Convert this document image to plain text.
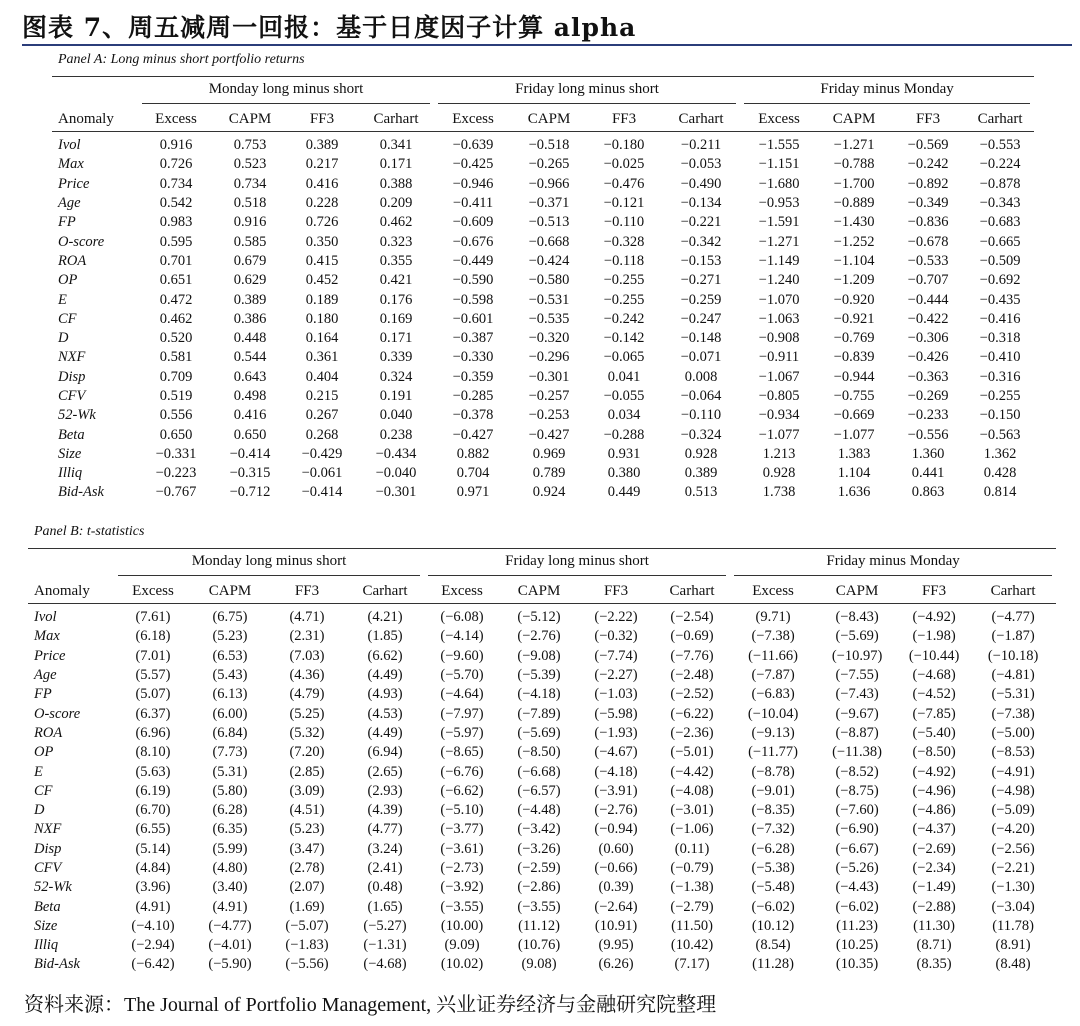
图表 7、周五减周一回报：基于日度因子计算 alpha
Panel A: Long minus short portfolio returns

	Monday long minus short				Friday long minus short				Friday minus Monday			

Anomaly	Excess	CAPM	FF3	Carhart	Excess	CAPM	FF3	Carhart	Excess	CAPM	FF3	Carhart
Ivol	0.916	0.753	0.389	0.341	−0.639	−0.518	−0.180	−0.211	−1.555	−1.271	−0.569	−0.553
Max	0.726	0.523	0.217	0.171	−0.425	−0.265	−0.025	−0.053	−1.151	−0.788	−0.242	−0.224
Price	0.734	0.734	0.416	0.388	−0.946	−0.966	−0.476	−0.490	−1.680	−1.700	−0.892	−0.878
Age	0.542	0.518	0.228	0.209	−0.411	−0.371	−0.121	−0.134	−0.953	−0.889	−0.349	−0.343
FP	0.983	0.916	0.726	0.462	−0.609	−0.513	−0.110	−0.221	−1.591	−1.430	−0.836	−0.683
O-score	0.595	0.585	0.350	0.323	−0.676	−0.668	−0.328	−0.342	−1.271	−1.252	−0.678	−0.665
ROA	0.701	0.679	0.415	0.355	−0.449	−0.424	−0.118	−0.153	−1.149	−1.104	−0.533	−0.509
OP	0.651	0.629	0.452	0.421	−0.590	−0.580	−0.255	−0.271	−1.240	−1.209	−0.707	−0.692
E	0.472	0.389	0.189	0.176	−0.598	−0.531	−0.255	−0.259	−1.070	−0.920	−0.444	−0.435
CF	0.462	0.386	0.180	0.169	−0.601	−0.535	−0.242	−0.247	−1.063	−0.921	−0.422	−0.416
D	0.520	0.448	0.164	0.171	−0.387	−0.320	−0.142	−0.148	−0.908	−0.769	−0.306	−0.318
NXF	0.581	0.544	0.361	0.339	−0.330	−0.296	−0.065	−0.071	−0.911	−0.839	−0.426	−0.410
Disp	0.709	0.643	0.404	0.324	−0.359	−0.301	0.041	0.008	−1.067	−0.944	−0.363	−0.316
CFV	0.519	0.498	0.215	0.191	−0.285	−0.257	−0.055	−0.064	−0.805	−0.755	−0.269	−0.255
52-Wk	0.556	0.416	0.267	0.040	−0.378	−0.253	0.034	−0.110	−0.934	−0.669	−0.233	−0.150
Beta	0.650	0.650	0.268	0.238	−0.427	−0.427	−0.288	−0.324	−1.077	−1.077	−0.556	−0.563
Size	−0.331	−0.414	−0.429	−0.434	0.882	0.969	0.931	0.928	1.213	1.383	1.360	1.362
Illiq	−0.223	−0.315	−0.061	−0.040	0.704	0.789	0.380	0.389	0.928	1.104	0.441	0.428
Bid-Ask	−0.767	−0.712	−0.414	−0.301	0.971	0.924	0.449	0.513	1.738	1.636	0.863	0.814
Panel B: t-statistics

	Monday long minus short				Friday long minus short				Friday minus Monday			

Anomaly	Excess	CAPM	FF3	Carhart	Excess	CAPM	FF3	Carhart	Excess	CAPM	FF3	Carhart
Ivol	(7.61)	(6.75)	(4.71)	(4.21)	(−6.08)	(−5.12)	(−2.22)	(−2.54)	(9.71)	(−8.43)	(−4.92)	(−4.77)
Max	(6.18)	(5.23)	(2.31)	(1.85)	(−4.14)	(−2.76)	(−0.32)	(−0.69)	(−7.38)	(−5.69)	(−1.98)	(−1.87)
Price	(7.01)	(6.53)	(7.03)	(6.62)	(−9.60)	(−9.08)	(−7.74)	(−7.76)	(−11.66)	(−10.97)	(−10.44)	(−10.18)
Age	(5.57)	(5.43)	(4.36)	(4.49)	(−5.70)	(−5.39)	(−2.27)	(−2.48)	(−7.87)	(−7.55)	(−4.68)	(−4.81)
FP	(5.07)	(6.13)	(4.79)	(4.93)	(−4.64)	(−4.18)	(−1.03)	(−2.52)	(−6.83)	(−7.43)	(−4.52)	(−5.31)
O-score	(6.37)	(6.00)	(5.25)	(4.53)	(−7.97)	(−7.89)	(−5.98)	(−6.22)	(−10.04)	(−9.67)	(−7.85)	(−7.38)
ROA	(6.96)	(6.84)	(5.32)	(4.49)	(−5.97)	(−5.69)	(−1.93)	(−2.36)	(−9.13)	(−8.87)	(−5.40)	(−5.00)
OP	(8.10)	(7.73)	(7.20)	(6.94)	(−8.65)	(−8.50)	(−4.67)	(−5.01)	(−11.77)	(−11.38)	(−8.50)	(−8.53)
E	(5.63)	(5.31)	(2.85)	(2.65)	(−6.76)	(−6.68)	(−4.18)	(−4.42)	(−8.78)	(−8.52)	(−4.92)	(−4.91)
CF	(6.19)	(5.80)	(3.09)	(2.93)	(−6.62)	(−6.57)	(−3.91)	(−4.08)	(−9.01)	(−8.75)	(−4.96)	(−4.98)
D	(6.70)	(6.28)	(4.51)	(4.39)	(−5.10)	(−4.48)	(−2.76)	(−3.01)	(−8.35)	(−7.60)	(−4.86)	(−5.09)
NXF	(6.55)	(6.35)	(5.23)	(4.77)	(−3.77)	(−3.42)	(−0.94)	(−1.06)	(−7.32)	(−6.90)	(−4.37)	(−4.20)
Disp	(5.14)	(5.99)	(3.47)	(3.24)	(−3.61)	(−3.26)	(0.60)	(0.11)	(−6.28)	(−6.67)	(−2.69)	(−2.56)
CFV	(4.84)	(4.80)	(2.78)	(2.41)	(−2.73)	(−2.59)	(−0.66)	(−0.79)	(−5.38)	(−5.26)	(−2.34)	(−2.21)
52-Wk	(3.96)	(3.40)	(2.07)	(0.48)	(−3.92)	(−2.86)	(0.39)	(−1.38)	(−5.48)	(−4.43)	(−1.49)	(−1.30)
Beta	(4.91)	(4.91)	(1.69)	(1.65)	(−3.55)	(−3.55)	(−2.64)	(−2.79)	(−6.02)	(−6.02)	(−2.88)	(−3.04)
Size	(−4.10)	(−4.77)	(−5.07)	(−5.27)	(10.00)	(11.12)	(10.91)	(11.50)	(10.12)	(11.23)	(11.30)	(11.78)
Illiq	(−2.94)	(−4.01)	(−1.83)	(−1.31)	(9.09)	(10.76)	(9.95)	(10.42)	(8.54)	(10.25)	(8.71)	(8.91)
Bid-Ask	(−6.42)	(−5.90)	(−5.56)	(−4.68)	(10.02)	(9.08)	(6.26)	(7.17)	(11.28)	(10.35)	(8.35)	(8.48)
资料来源：The Journal of Portfolio Management, 兴业证券经济与金融研究院整理
